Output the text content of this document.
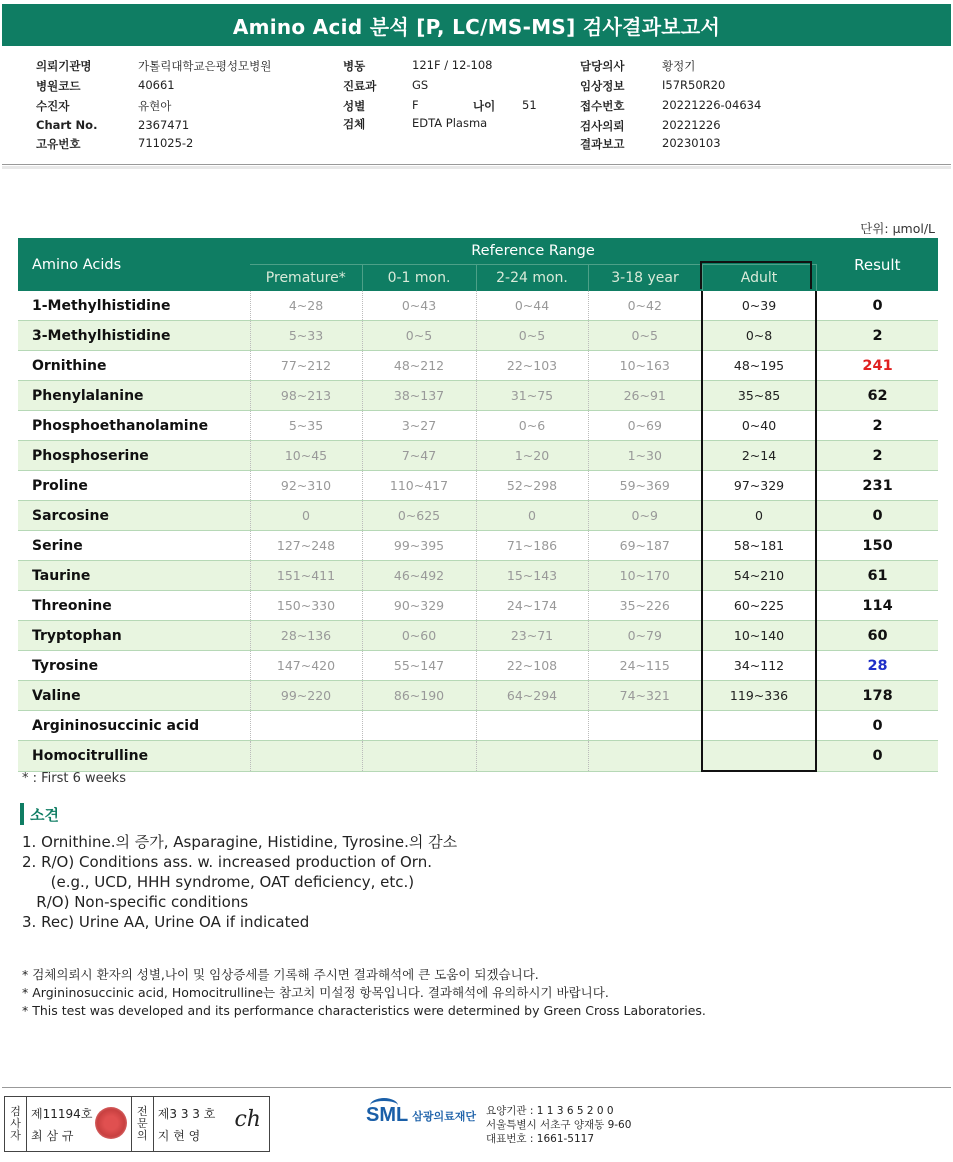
Amino Acid 분석 [P, LC/MS-MS] 검사결과보고서
의뢰기관명	가톨릭대학교은평성모병원
병원코드	40661
수진자	유현아
Chart No.	2367471
고유번호	711025-2
병동	121F / 12-108
진료과	GS
성별	F	나이 51
검체	EDTA Plasma
담당의사	황정기
임상정보	I57R50R20
접수번호	20221226-04634
검사의뢰	20221226
결과보고	20230103
단위: μmol/L
Amino Acids	Reference Range					Result
	Premature*	0-1 mon.	2-24 mon.	3-18 year	Adult	
1-Methylhistidine	4~28	0~43	0~44	0~42	0~39	0
3-Methylhistidine	5~33	0~5	0~5	0~5	0~8	2
Ornithine	77~212	48~212	22~103	10~163	48~195	241
Phenylalanine	98~213	38~137	31~75	26~91	35~85	62
Phosphoethanolamine	5~35	3~27	0~6	0~69	0~40	2
Phosphoserine	10~45	7~47	1~20	1~30	2~14	2
Proline	92~310	110~417	52~298	59~369	97~329	231
Sarcosine	0	0~625	0	0~9	0	0
Serine	127~248	99~395	71~186	69~187	58~181	150
Taurine	151~411	46~492	15~143	10~170	54~210	61
Threonine	150~330	90~329	24~174	35~226	60~225	114
Tryptophan	28~136	0~60	23~71	0~79	10~140	60
Tyrosine	147~420	55~147	22~108	24~115	34~112	28
Valine	99~220	86~190	64~294	74~321	119~336	178
Argininosuccinic acid						0
Homocitrulline						0
* : First 6 weeks
소견
1. Ornithine.의 증가, Asparagine, Histidine, Tyrosine.의 감소
2. R/O) Conditions ass. w. increased production of Orn.
(e.g., UCD, HHH syndrome, OAT deficiency, etc.)
R/O) Non-specific conditions
3. Rec) Urine AA, Urine OA if indicated
* 검체의뢰시 환자의 성별,나이 및 임상증세를 기록해 주시면 결과해석에 큰 도움이 되겠습니다.
* Argininosuccinic acid, Homocitrulline는 참고치 미설정 항목입니다. 결과해석에 유의하시기 바랍니다.
* This test was developed and its performance characteristics were determined by Green Cross Laboratories.
검
사
자
제11194호
최 삼 규
전
문
의
제3 3 3 호
지 현 영
ch	SML 삼광의료재단 요양기관 : 1 1 3 6 5 2 0 0
서울특별시 서초구 양재동 9-60
대표번호 : 1661-5117
